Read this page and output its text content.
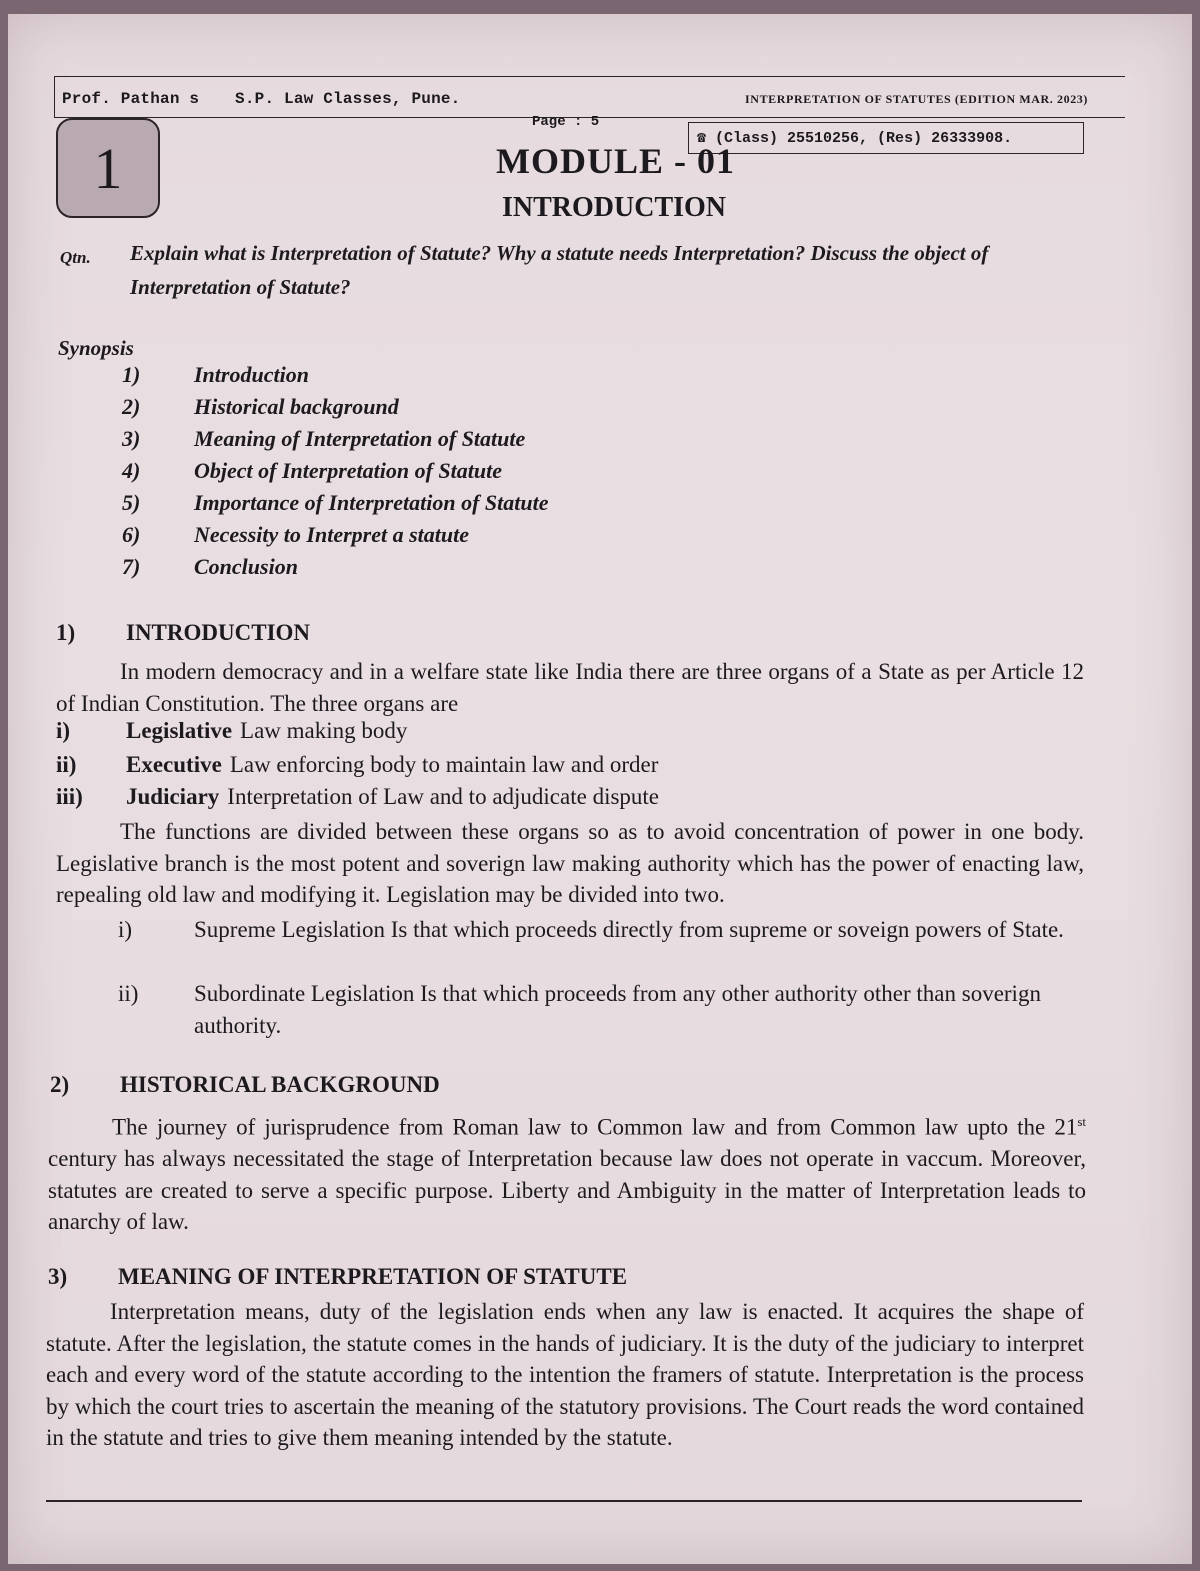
Prof. Pathan s S.P. Law Classes, Pune.	INTERPRETATION OF STATUTES (EDITION MAR. 2023)
Page : 5
☎ (Class) 25510256, (Res) 26333908.
1	MODULE - 01
INTRODUCTION
Qtn. Explain what is Interpretation of Statute? Why a statute needs Interpretation? Discuss the object of Interpretation of Statute?
Synopsis
1)	Introduction
2)	Historical background
3)	Meaning of Interpretation of Statute
4)	Object of Interpretation of Statute
5)	Importance of Interpretation of Statute
6)	Necessity to Interpret a statute
7)	Conclusion
1) INTRODUCTION
In modern democracy and in a welfare state like India there are three organs of a State as per Article 12 of Indian Constitution. The three organs are
i) Legislative Law making body
ii) Executive Law enforcing body to maintain law and order
iii) Judiciary Interpretation of Law and to adjudicate dispute
The functions are divided between these organs so as to avoid concentration of power in one body. Legislative branch is the most potent and soverign law making authority which has the power of enacting law, repealing old law and modifying it. Legislation may be divided into two.
i)	Supreme Legislation Is that which proceeds directly from supreme or soveign powers of State.
ii) Subordinate Legislation Is that which proceeds from any other authority other than soverign authority.
2) HISTORICAL BACKGROUND
The journey of jurisprudence from Roman law to Common law and from Common law upto the 21st century has always necessitated the stage of Interpretation because law does not operate in vaccum. Moreover, statutes are created to serve a specific purpose. Liberty and Ambiguity in the matter of Interpretation leads to anarchy of law.
3) MEANING OF INTERPRETATION OF STATUTE
Interpretation means, duty of the legislation ends when any law is enacted. It acquires the shape of statute. After the legislation, the statute comes in the hands of judiciary. It is the duty of the judiciary to interpret each and every word of the statute according to the intention the framers of statute. Interpretation is the process by which the court tries to ascertain the meaning of the statutory provisions. The Court reads the word contained in the statute and tries to give them meaning intended by the statute.
